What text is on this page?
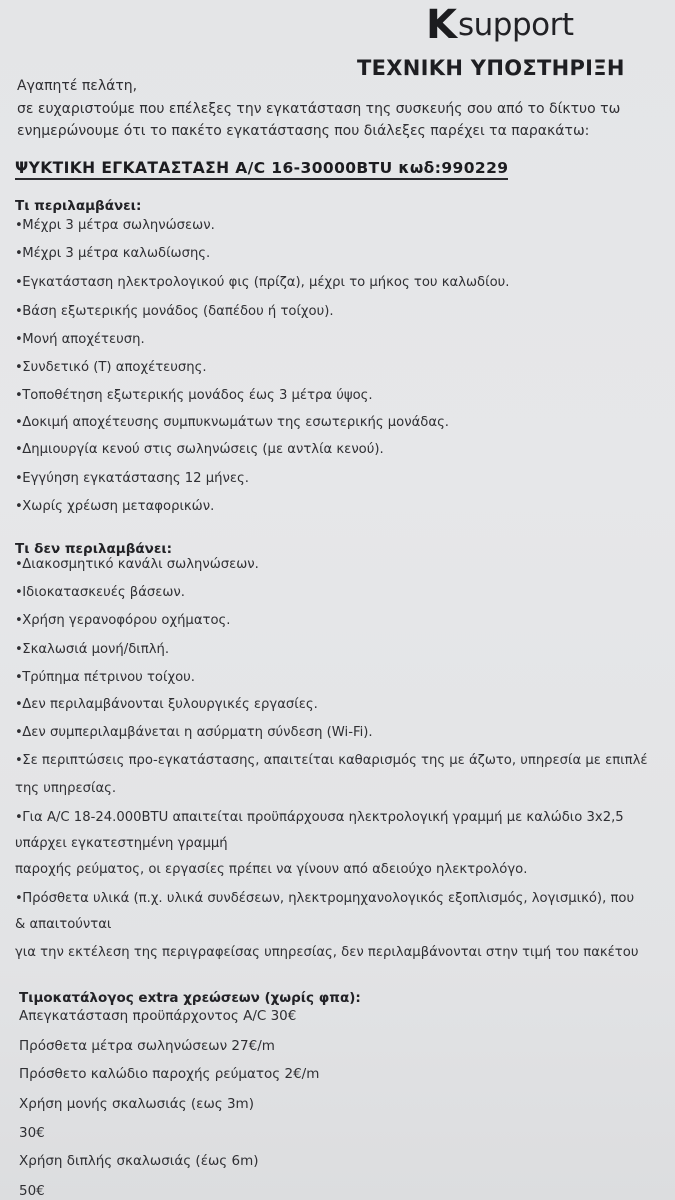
K support
ΤΕΧΝΙΚΗ ΥΠΟΣΤΗΡΙΞΗ
Αγαπητέ πελάτη,
σε ευχαριστούμε που επέλεξες την εγκατάσταση της συσκευής σου από το δίκτυο τω
ενημερώνουμε ότι το πακέτο εγκατάστασης που διάλεξες παρέχει τα παρακάτω:
ΨΥΚΤΙΚΗ ΕΓΚΑΤΑΣΤΑΣΗ A/C 16-30000BTU κωδ:990229
Τι περιλαμβάνει:
•Μέχρι 3 μέτρα σωληνώσεων.
•Μέχρι 3 μέτρα καλωδίωσης.
•Εγκατάσταση ηλεκτρολογικού φις (πρίζα), μέχρι το μήκος του καλωδίου.
•Βάση εξωτερικής μονάδος (δαπέδου ή τοίχου).
•Μονή αποχέτευση.
•Συνδετικό (Τ) αποχέτευσης.
•Τοποθέτηση εξωτερικής μονάδος έως 3 μέτρα ύψος.
•Δοκιμή αποχέτευσης συμπυκνωμάτων της εσωτερικής μονάδας.
•Δημιουργία κενού στις σωληνώσεις (με αντλία κενού).
•Εγγύηση εγκατάστασης 12 μήνες.
•Χωρίς χρέωση μεταφορικών.
Τι δεν περιλαμβάνει:
•Διακοσμητικό κανάλι σωληνώσεων.
•Ιδιοκατασκευές βάσεων.
•Χρήση γερανοφόρου οχήματος.
•Σκαλωσιά μονή/διπλή.
•Τρύπημα πέτρινου τοίχου.
•Δεν περιλαμβάνονται ξυλουργικές εργασίες.
•Δεν συμπεριλαμβάνεται η ασύρματη σύνδεση (Wi-Fi).
•Σε περιπτώσεις προ-εγκατάστασης, απαιτείται καθαρισμός της με άζωτο, υπηρεσία με επιπλέ
της υπηρεσίας.
•Για A/C 18-24.000BTU απαιτείται προϋπάρχουσα ηλεκτρολογική γραμμή με καλώδιο 3x2,5
υπάρχει εγκατεστημένη γραμμή
παροχής ρεύματος, οι εργασίες πρέπει να γίνουν από αδειούχο ηλεκτρολόγο.
•Πρόσθετα υλικά (π.χ. υλικά συνδέσεων, ηλεκτρομηχανολογικός εξοπλισμός, λογισμικό), που
& απαιτούνται
για την εκτέλεση της περιγραφείσας υπηρεσίας, δεν περιλαμβάνονται στην τιμή του πακέτου
Τιμοκατάλογος extra χρεώσεων (χωρίς φπα):
Απεγκατάσταση προϋπάρχοντος A/C 30€
Πρόσθετα μέτρα σωληνώσεων 27€/m
Πρόσθετο καλώδιο παροχής ρεύματος 2€/m
Χρήση μονής σκαλωσιάς (εως 3m)
30€
Χρήση διπλής σκαλωσιάς (έως 6m)
50€
